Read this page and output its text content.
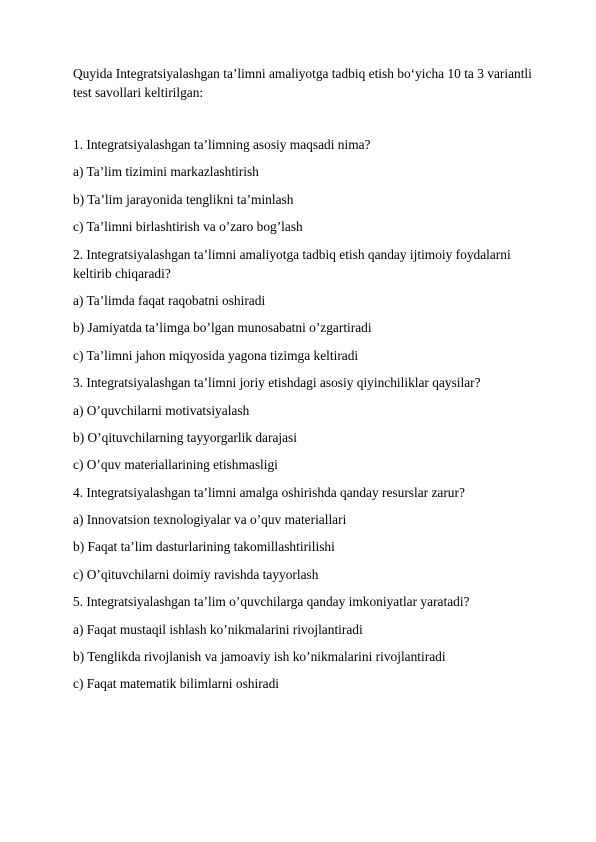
Quyida Integratsiyalashgan ta’limni amaliyotga tadbiq etish bo‘yicha 10 ta 3 variantli test savollari keltirilgan:

1. Integratsiyalashgan ta’limning asosiy maqsadi nima?

a) Ta’lim tizimini markazlashtirish

b) Ta’lim jarayonida tenglikni ta’minlash

c) Ta’limni birlashtirish va o’zaro bog’lash

2. Integratsiyalashgan ta’limni amaliyotga tadbiq etish qanday ijtimoiy foydalarni keltirib chiqaradi?

a) Ta’limda faqat raqobatni oshiradi

b) Jamiyatda ta’limga bo’lgan munosabatni o’zgartiradi

c) Ta’limni jahon miqyosida yagona tizimga keltiradi

3. Integratsiyalashgan ta’limni joriy etishdagi asosiy qiyinchiliklar qaysilar?

a) O’quvchilarni motivatsiyalash

b) O’qituvchilarning tayyorgarlik darajasi

c) O’quv materiallarining etishmasligi

4. Integratsiyalashgan ta’limni amalga oshirishda qanday resurslar zarur?

a) Innovatsion texnologiyalar va o’quv materiallari

b) Faqat ta’lim dasturlarining takomillashtirilishi

c) O’qituvchilarni doimiy ravishda tayyorlash

5. Integratsiyalashgan ta’lim o’quvchilarga qanday imkoniyatlar yaratadi?

a) Faqat mustaqil ishlash ko’nikmalarini rivojlantiradi

b) Tenglikda rivojlanish va jamoaviy ish ko’nikmalarini rivojlantiradi

c) Faqat matematik bilimlarni oshiradi
